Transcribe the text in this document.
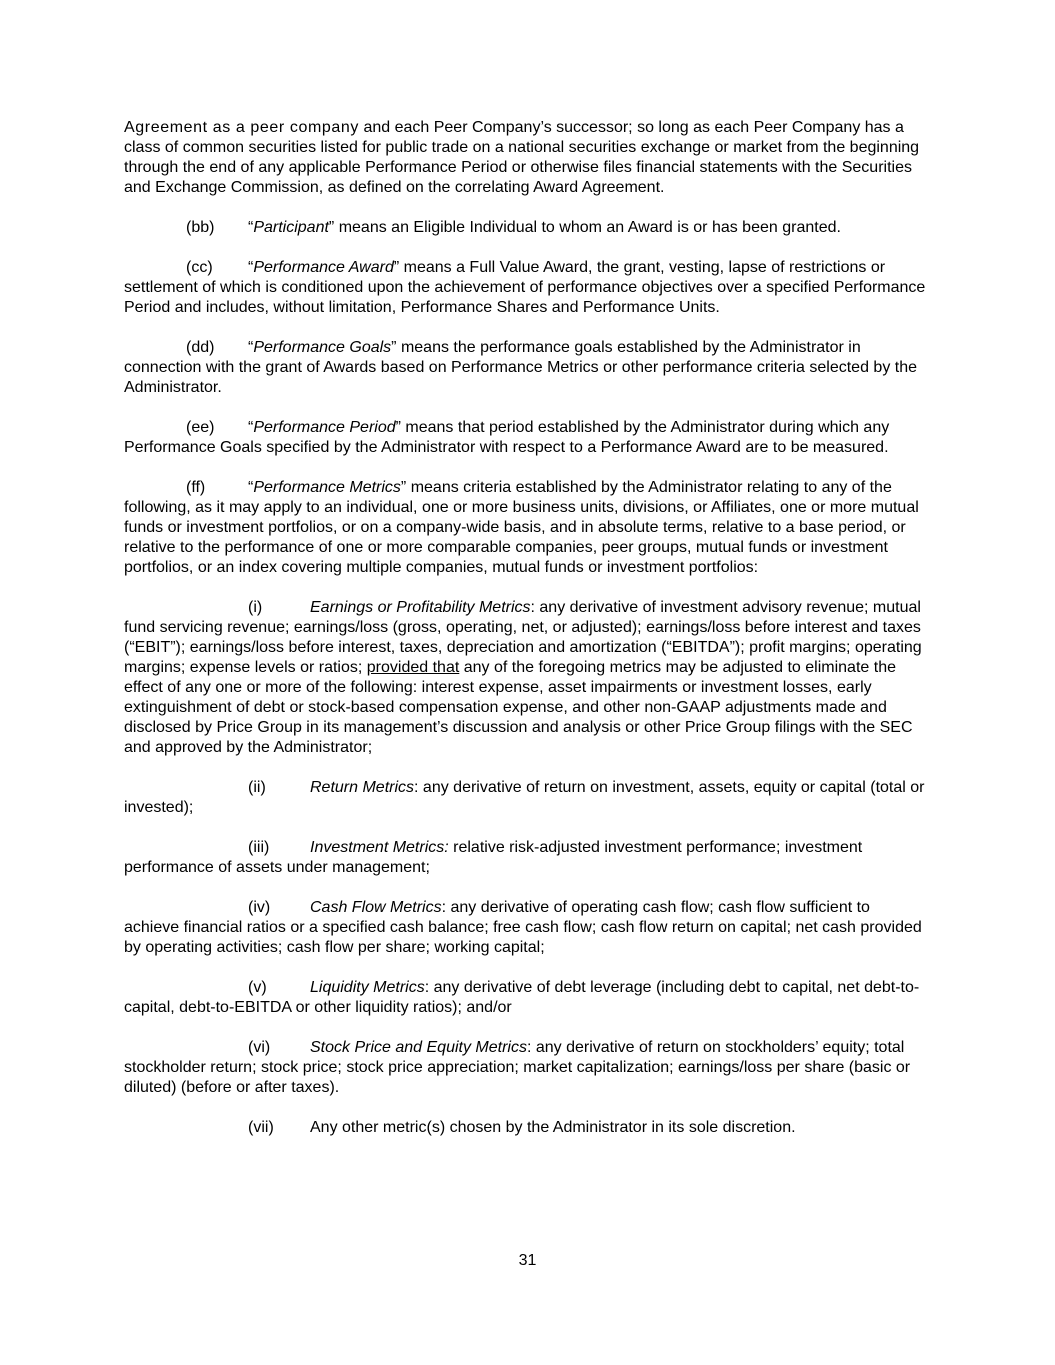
Agreement as a peer company and each Peer Company’s successor; so long as each Peer Company has a class of common securities listed for public trade on a national securities exchange or market from the beginning through the end of any applicable Performance Period or otherwise files financial statements with the Securities and Exchange Commission, as defined on the correlating Award Agreement.

(bb) “Participant” means an Eligible Individual to whom an Award is or has been granted.

(cc) “Performance Award” means a Full Value Award, the grant, vesting, lapse of restrictions or settlement of which is conditioned upon the achievement of performance objectives over a specified Performance Period and includes, without limitation, Performance Shares and Performance Units.

(dd) “Performance Goals” means the performance goals established by the Administrator in connection with the grant of Awards based on Performance Metrics or other performance criteria selected by the Administrator.

(ee) “Performance Period” means that period established by the Administrator during which any Performance Goals specified by the Administrator with respect to a Performance Award are to be measured.

(ff)	“Performance Metrics” means criteria established by the Administrator relating to any of the following, as it may apply to an individual, one or more business units, divisions, or Affiliates, one or more mutual funds or investment portfolios, or on a company-wide basis, and in absolute terms, relative to a base period, or relative to the performance of one or more comparable companies, peer groups, mutual funds or investment portfolios, or an index covering multiple companies, mutual funds or investment portfolios:

(i)	Earnings or Profitability Metrics: any derivative of investment advisory revenue; mutual fund servicing revenue; earnings/loss (gross, operating, net, or adjusted); earnings/loss before interest and taxes (“EBIT”); earnings/loss before interest, taxes, depreciation and amortization (“EBITDA”); profit margins; operating margins; expense levels or ratios; provided that any of the foregoing metrics may be adjusted to eliminate the effect of any one or more of the following: interest expense, asset impairments or investment losses, early extinguishment of debt or stock-based compensation expense, and other non-GAAP adjustments made and disclosed by Price Group in its management’s discussion and analysis or other Price Group filings with the SEC and approved by the Administrator;

(ii)	Return Metrics: any derivative of return on investment, assets, equity or capital (total or invested);

(iii)	Investment Metrics: relative risk-adjusted investment performance; investment performance of assets under management;

(iv) Cash Flow Metrics: any derivative of operating cash flow; cash flow sufficient to achieve financial ratios or a specified cash balance; free cash flow; cash flow return on capital; net cash provided by operating activities; cash flow per share; working capital;

(v)	Liquidity Metrics: any derivative of debt leverage (including debt to capital, net debt-to-capital, debt-to-EBITDA or other liquidity ratios); and/or

(vi) Stock Price and Equity Metrics: any derivative of return on stockholders’ equity; total stockholder return; stock price; stock price appreciation; market capitalization; earnings/loss per share (basic or diluted) (before or after taxes).

(vii) Any other metric(s) chosen by the Administrator in its sole discretion.

31
